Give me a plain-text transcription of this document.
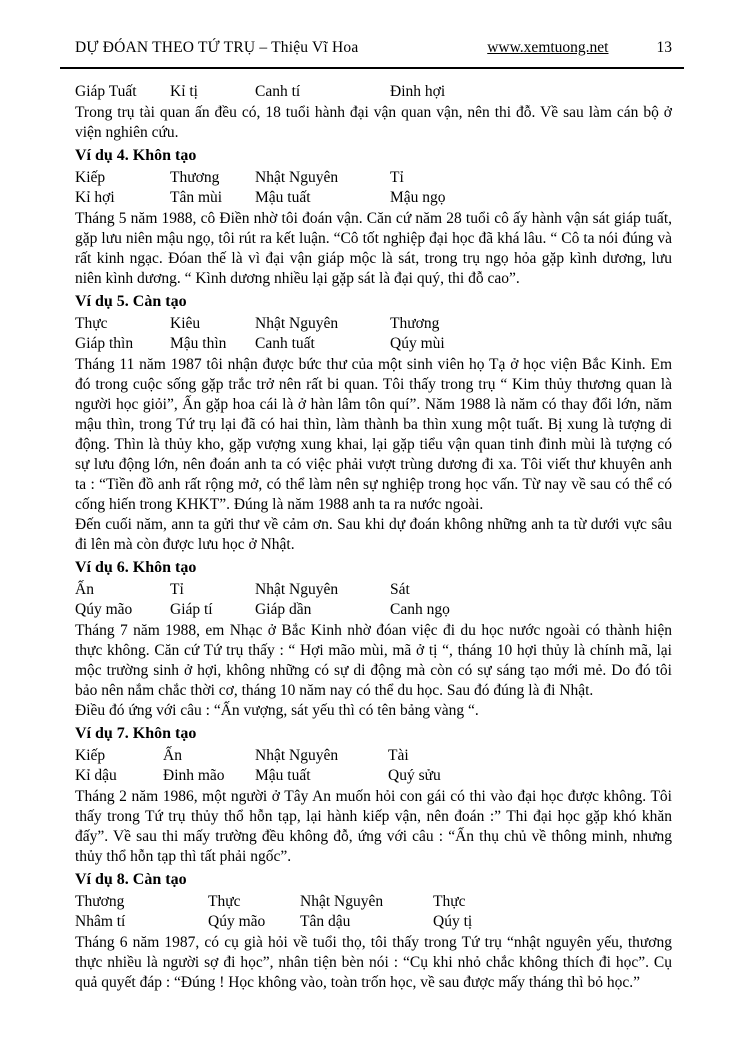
DỰ ĐÓAN THEO TỨ TRỤ – Thiệu Vĩ Hoa	www.xemtuong.net	13
Giáp Tuất	Kỉ tị	Canh tí	Đinh hợi

Trong trụ tài quan ấn đều có, 18 tuổi hành đại vận quan vận, nên thi đỗ. Về sau làm cán bộ ở viện nghiên cứu.

Ví dụ 4. Khôn tạo
Kiếp	Thương	Nhật Nguyên	Tỉ
Kỉ hợi	Tân mùi	Mậu tuất	Mậu ngọ

Tháng 5 năm 1988, cô Điền nhờ tôi đoán vận. Căn cứ năm 28 tuổi cô ấy hành vận sát giáp tuất, gặp lưu niên mậu ngọ, tôi rút ra kết luận. “Cô tốt nghiệp đại học đã khá lâu. “ Cô ta nói đúng và rất kinh ngạc. Đóan thế là vì đại vận giáp mộc là sát, trong trụ ngọ hỏa gặp kình dương, lưu niên kình dương. “ Kình dương nhiều lại gặp sát là đại quý, thi đỗ cao”.

Ví dụ 5. Càn tạo
Thực	Kiêu	Nhật Nguyên	Thương
Giáp thìn	Mậu thìn	Canh tuất	Qúy mùi

Tháng 11 năm 1987 tôi nhận được bức thư của một sinh viên họ Tạ ở học viện Bắc Kinh. Em đó trong cuộc sống gặp trắc trở nên rất bi quan. Tôi thấy trong trụ “ Kim thủy thương quan là người học giỏi”, Ấn gặp hoa cái là ở hàn lâm tôn quí”. Năm 1988 là năm có thay đổi lớn, năm mậu thìn, trong Tứ trụ lại đã có hai thìn, làm thành ba thìn xung một tuất. Bị xung là tượng di động. Thìn là thủy kho, gặp vượng xung khai, lại gặp tiểu vận quan tinh đinh mùi là tượng có sự lưu động lớn, nên đoán anh ta có việc phải vượt trùng dương đi xa. Tôi viết thư khuyên anh ta : “Tiền đồ anh rất rộng mở, có thể làm nên sự nghiệp trong học vấn. Từ nay về sau có thể có cống hiến trong KHKT”. Đúng là năm 1988 anh ta ra nước ngoài.

Đến cuối năm, ann ta gửi thư về cảm ơn. Sau khi dự đoán không những anh ta từ dưới vực sâu đi lên mà còn được lưu học ở Nhật.

Ví dụ 6. Khôn tạo
Ấn	Tỉ	Nhật Nguyên	Sát
Qúy mão	Giáp tí	Giáp dần	Canh ngọ

Tháng 7 năm 1988, em Nhạc ở Bắc Kinh nhờ đóan việc đi du học nước ngoài có thành hiện thực không. Căn cứ Tứ trụ thấy : “ Hợi mão mùi, mã ở tị “, tháng 10 hợi thủy là chính mã, lại mộc trường sinh ở hợi, không những có sự di động mà còn có sự sáng tạo mới mẻ. Do đó tôi bảo nên nắm chắc thời cơ, tháng 10 năm nay có thể du học. Sau đó đúng là đi Nhật.

Điều đó ứng với câu : “Ấn vượng, sát yếu thì có tên bảng vàng “.

Ví dụ 7. Khôn tạo
Kiếp	Ấn	Nhật Nguyên	Tài
Kỉ dậu	Đinh mão	Mậu tuất	Quý sửu

Tháng 2 năm 1986, một người ở Tây An muốn hỏi con gái có thi vào đại học được không. Tôi thấy trong Tứ trụ thủy thổ hỗn tạp, lại hành kiếp vận, nên đoán :” Thi đại học gặp khó khăn đấy”. Về sau thi mấy trường đều không đỗ, ứng với câu : “Ấn thụ chủ về thông minh, nhưng thủy thổ hỗn tạp thì tất phải ngốc”.

Ví dụ 8. Càn tạo
Thương	Thực	Nhật Nguyên	Thực
Nhâm tí	Qúy mão	Tân dậu	Qúy tị

Tháng 6 năm 1987, có cụ già hỏi về tuổi thọ, tôi thấy trong Tứ trụ “nhật nguyên yếu, thương thực nhiều là người sợ đi học”, nhân tiện bèn nói : “Cụ khi nhỏ chắc không thích đi học”. Cụ quả quyết đáp : “Đúng ! Học không vào, toàn trốn học, về sau được mấy tháng thì bỏ học.”
